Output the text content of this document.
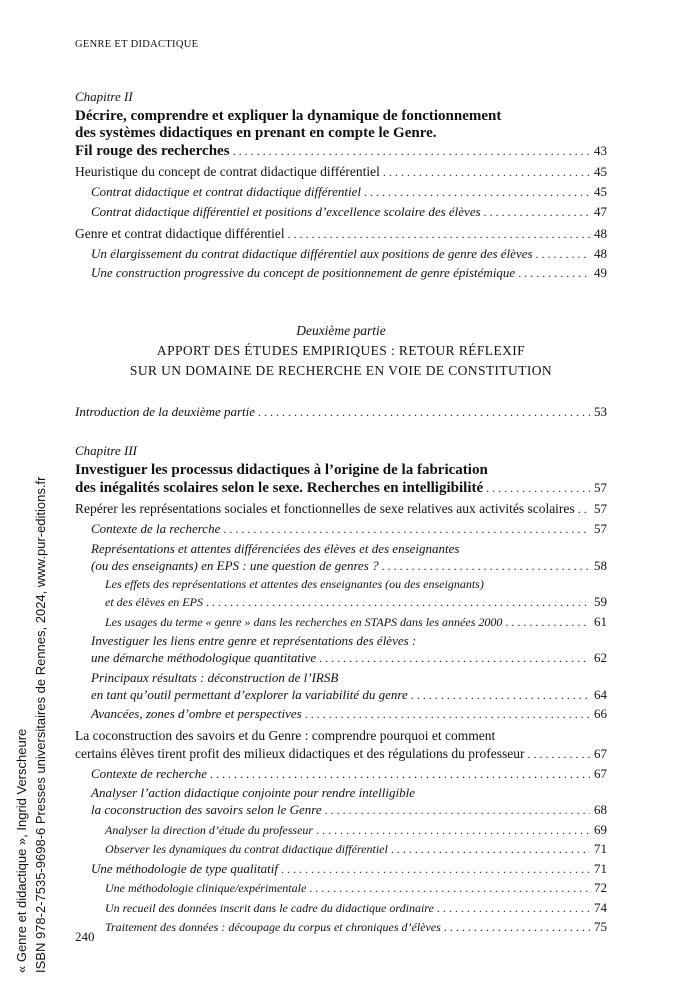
GENRE ET DIDACTIQUE
Chapitre II
Décrire, comprendre et expliquer la dynamique de fonctionnement
des systèmes didactiques en prenant en compte le Genre.
Fil rouge des recherches . . .	43
Heuristique du concept de contrat didactique différentiel . . .	45
Contrat didactique et contrat didactique différentiel . . .	45
Contrat didactique différentiel et positions d’excellence scolaire des élèves . . .	47
Genre et contrat didactique différentiel . . .	48
Un élargissement du contrat didactique différentiel aux positions de genre des élèves . . .	48
Une construction progressive du concept de positionnement de genre épistémique . . .	49
Deuxième partie
APPORT DES ÉTUDES EMPIRIQUES : RETOUR RÉFLEXIF
SUR UN DOMAINE DE RECHERCHE EN VOIE DE CONSTITUTION
Introduction de la deuxième partie . . .	53
Chapitre III
Investiguer les processus didactiques à l’origine de la fabrication
des inégalités scolaires selon le sexe. Recherches en intelligibilité . . .	57
Repérer les représentations sociales et fonctionnelles de sexe relatives aux activités scolaires . . . 57
Contexte de la recherche . . .	57
Représentations et attentes différenciées des élèves et des enseignantes
(ou des enseignants) en EPS : une question de genres ? . . .	58
Les effets des représentations et attentes des enseignantes (ou des enseignants)
et des élèves en EPS . . .	59
Les usages du terme « genre » dans les recherches en STAPS dans les années 2000 . . .	61
Investiguer les liens entre genre et représentations des élèves :
une démarche méthodologique quantitative . . .	62
Principaux résultats : déconstruction de l’IRSB
en tant qu’outil permettant d’explorer la variabilité du genre . . .	64
Avancées, zones d’ombre et perspectives . . .	66
La coconstruction des savoirs et du Genre : comprendre pourquoi et comment
certains élèves tirent profit des milieux didactiques et des régulations du professeur . . .	67
Contexte de recherche . . .	67
Analyser l’action didactique conjointe pour rendre intelligible
la coconstruction des savoirs selon le Genre . . .	68
Analyser la direction d’étude du professeur . . .	69
Observer les dynamiques du contrat didactique différentiel . . .	71
Une méthodologie de type qualitatif . . .	71
Une méthodologie clinique/expérimentale . . .	72
Un recueil des données inscrit dans le cadre du didactique ordinaire . . .	74
Traitement des données : découpage du corpus et chroniques d’élèves . . .	75
240
« Genre et didactique », Ingrid Verscheure ISBN 978-2-7535-9698-6 Presses universitaires de Rennes, 2024, www.pur-editions.fr
